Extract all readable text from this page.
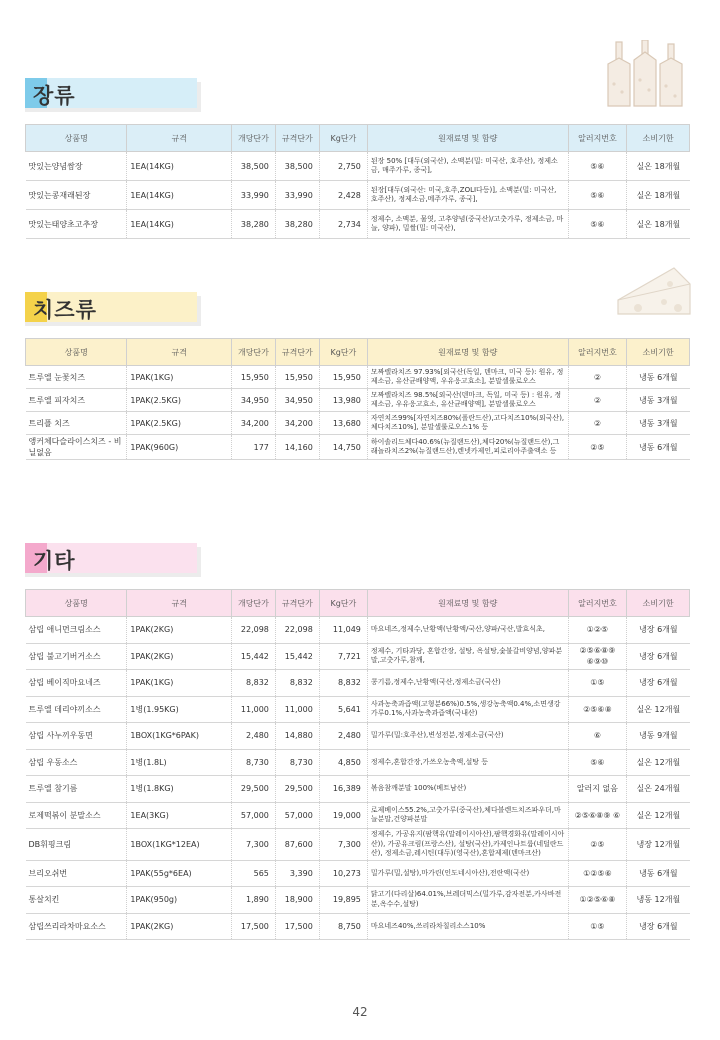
장류
상품명	규격	개당단가	규격단가	Kg단가	원재료명 및 함량	알러지번호	소비기한
맛있는양념쌈장	1EA(14KG)	38,500	38,500	2,750	된장 50% [대두(외국산), 소맥분(밀: 미국산, 호주산), 정제소금, 매주가루, 종국],	⑤⑥	실온 18개월
맛있는콩재래된장	1EA(14KG)	33,990	33,990	2,428	된장[대두(외국산: 미국,호주,ZOLI다등)], 소맥분(밀: 미국산, 호주산), 정제소금,메주가루, 종국],	⑤⑥	실온 18개월
맛있는태양초고추장	1EA(14KG)	38,280	38,280	2,734	정제수, 소맥분, 물엿, 고추양념(중국산)/고춧가루, 정제소금, 마늘, 양파), 밀쌀(밀: 미국산),	⑤⑥	실온 18개월
치즈류
상품명	규격	개당단가	규격단가	Kg단가	원재료명 및 함량	알러지번호	소비기한
트루엘 눈꽃치즈	1PAK(1KG)	15,950	15,950	15,950	모짜렐라치즈 97.93%[외국산(독일, 덴마크, 미국 등): 원유, 정제소금, 유산균배양액, 우유응고효소], 분말셀룰로오스	②	냉동 6개월
트루엘 피자치즈	1PAK(2.5KG)	34,950	34,950	13,980	모짜렐라치즈 98.5%[외국산(덴마크, 독일, 미국 등) : 원유, 정제소금, 우유응고효소, 유산균배양액], 분말셀룰로오스	②	냉동 3개월
트리플 치즈	1PAK(2.5KG)	34,200	34,200	13,680	자연치즈99%[자연치즈80%(폴란드산),고다치즈10%(외국산),체다치즈10%], 분말셀룰로오스1% 등	②	냉동 3개월
앵커체다슬라이스치즈 - 비닐없음	1PAK(960G)	177	14,160	14,750	하이솔리드체다40.6%(뉴질랜드산),체다20%(뉴질랜드산),그래놀라치즈2%(뉴질랜드산),렌넷카제인,피로리아주출액소 등	②⑤	냉동 6개월
기타
상품명	규격	개당단가	규격단가	Kg단가	원재료명 및 함량	알러지번호	소비기한
삼립 애니먼크림소스	1PAK(2KG)	22,098	22,098	11,049	마요네즈,정제수,난황액(난황액/국산,양파/국산,발효식초,	①②⑤	냉장 6개월
삼립 불고기버거소스	1PAK(2KG)	15,442	15,442	7,721	정제수, 기타과당, 혼합간장, 설탕, 옥설탕,숯불갈비양념,양파분말,고춧가루,참깨,	②⑤⑥⑧⑨ ⑥⑨⑩	냉장 6개월
삼립 베이직마요네즈	1PAK(1KG)	8,832	8,832	8,832	콩기름,정제수,난황액(국산,정제소금(국산)	①⑤	냉장 6개월
트루엘 데리야끼소스	1병(1.95KG)	11,000	11,000	5,641	사과농축과즙액(고형분66%)0.5%,생강농축액0.4%,소면생강가루0.1%,사과농축과즙액(국내산)	②⑤⑥⑧	실온 12개월
삼립 사누끼우동면	1BOX(1KG*6PAK)	2,480	14,880	2,480	밀가루(밀:호주산),변성전분,정제소금(국산)	⑥	냉동 9개월
삼립 우동소스	1병(1.8L)	8,730	8,730	4,850	정제수,혼합간장,가쓰오농축액,설탕 등	⑤⑥	실온 12개월
트루엘 참기름	1병(1.8KG)	29,500	29,500	16,389	볶음참깨분말 100%(베트남산)	알러지 없음	실온 24개월
로제떡볶이 분말소스	1EA(3KG)	57,000	57,000	19,000	로제베이스55.2%,고춧가루(중국산),체다블렌드치즈파우더,마늘분말,건양파분말	②⑤⑥⑧⑨ ⑥	실온 12개월
DB휘핑크림	1BOX(1KG*12EA)	7,300	87,600	7,300	정제수, 가공유지(팜핵유(말레이시아산),팜핵경화유(말레이시아산)), 가공유크림(프랑스산), 설탕(국산),카제인나트륨(네덜란드산), 정제소금,레시틴(대두)(영국산),혼합제제(덴마크산)	②⑤	냉장 12개월
브리오쉬번	1PAK(55g*6EA)	565	3,390	10,273	밀가루(밀,설탕),마가린(인도네시아산),전란액(국산)	①②⑤⑥	냉동 6개월
통살치킨	1PAK(950g)	1,890	18,900	19,895	닭고기(다리살)64.01%,브레더믹스(밀가루,감자전분,카사바전분,옥수수,설탕)	①②⑤⑥⑧	냉동 12개월
삼립쓰리라차마요소스	1PAK(2KG)	17,500	17,500	8,750	마요네즈40%,쓰리라차칠리소스10%	①⑤	냉장 6개월
42
